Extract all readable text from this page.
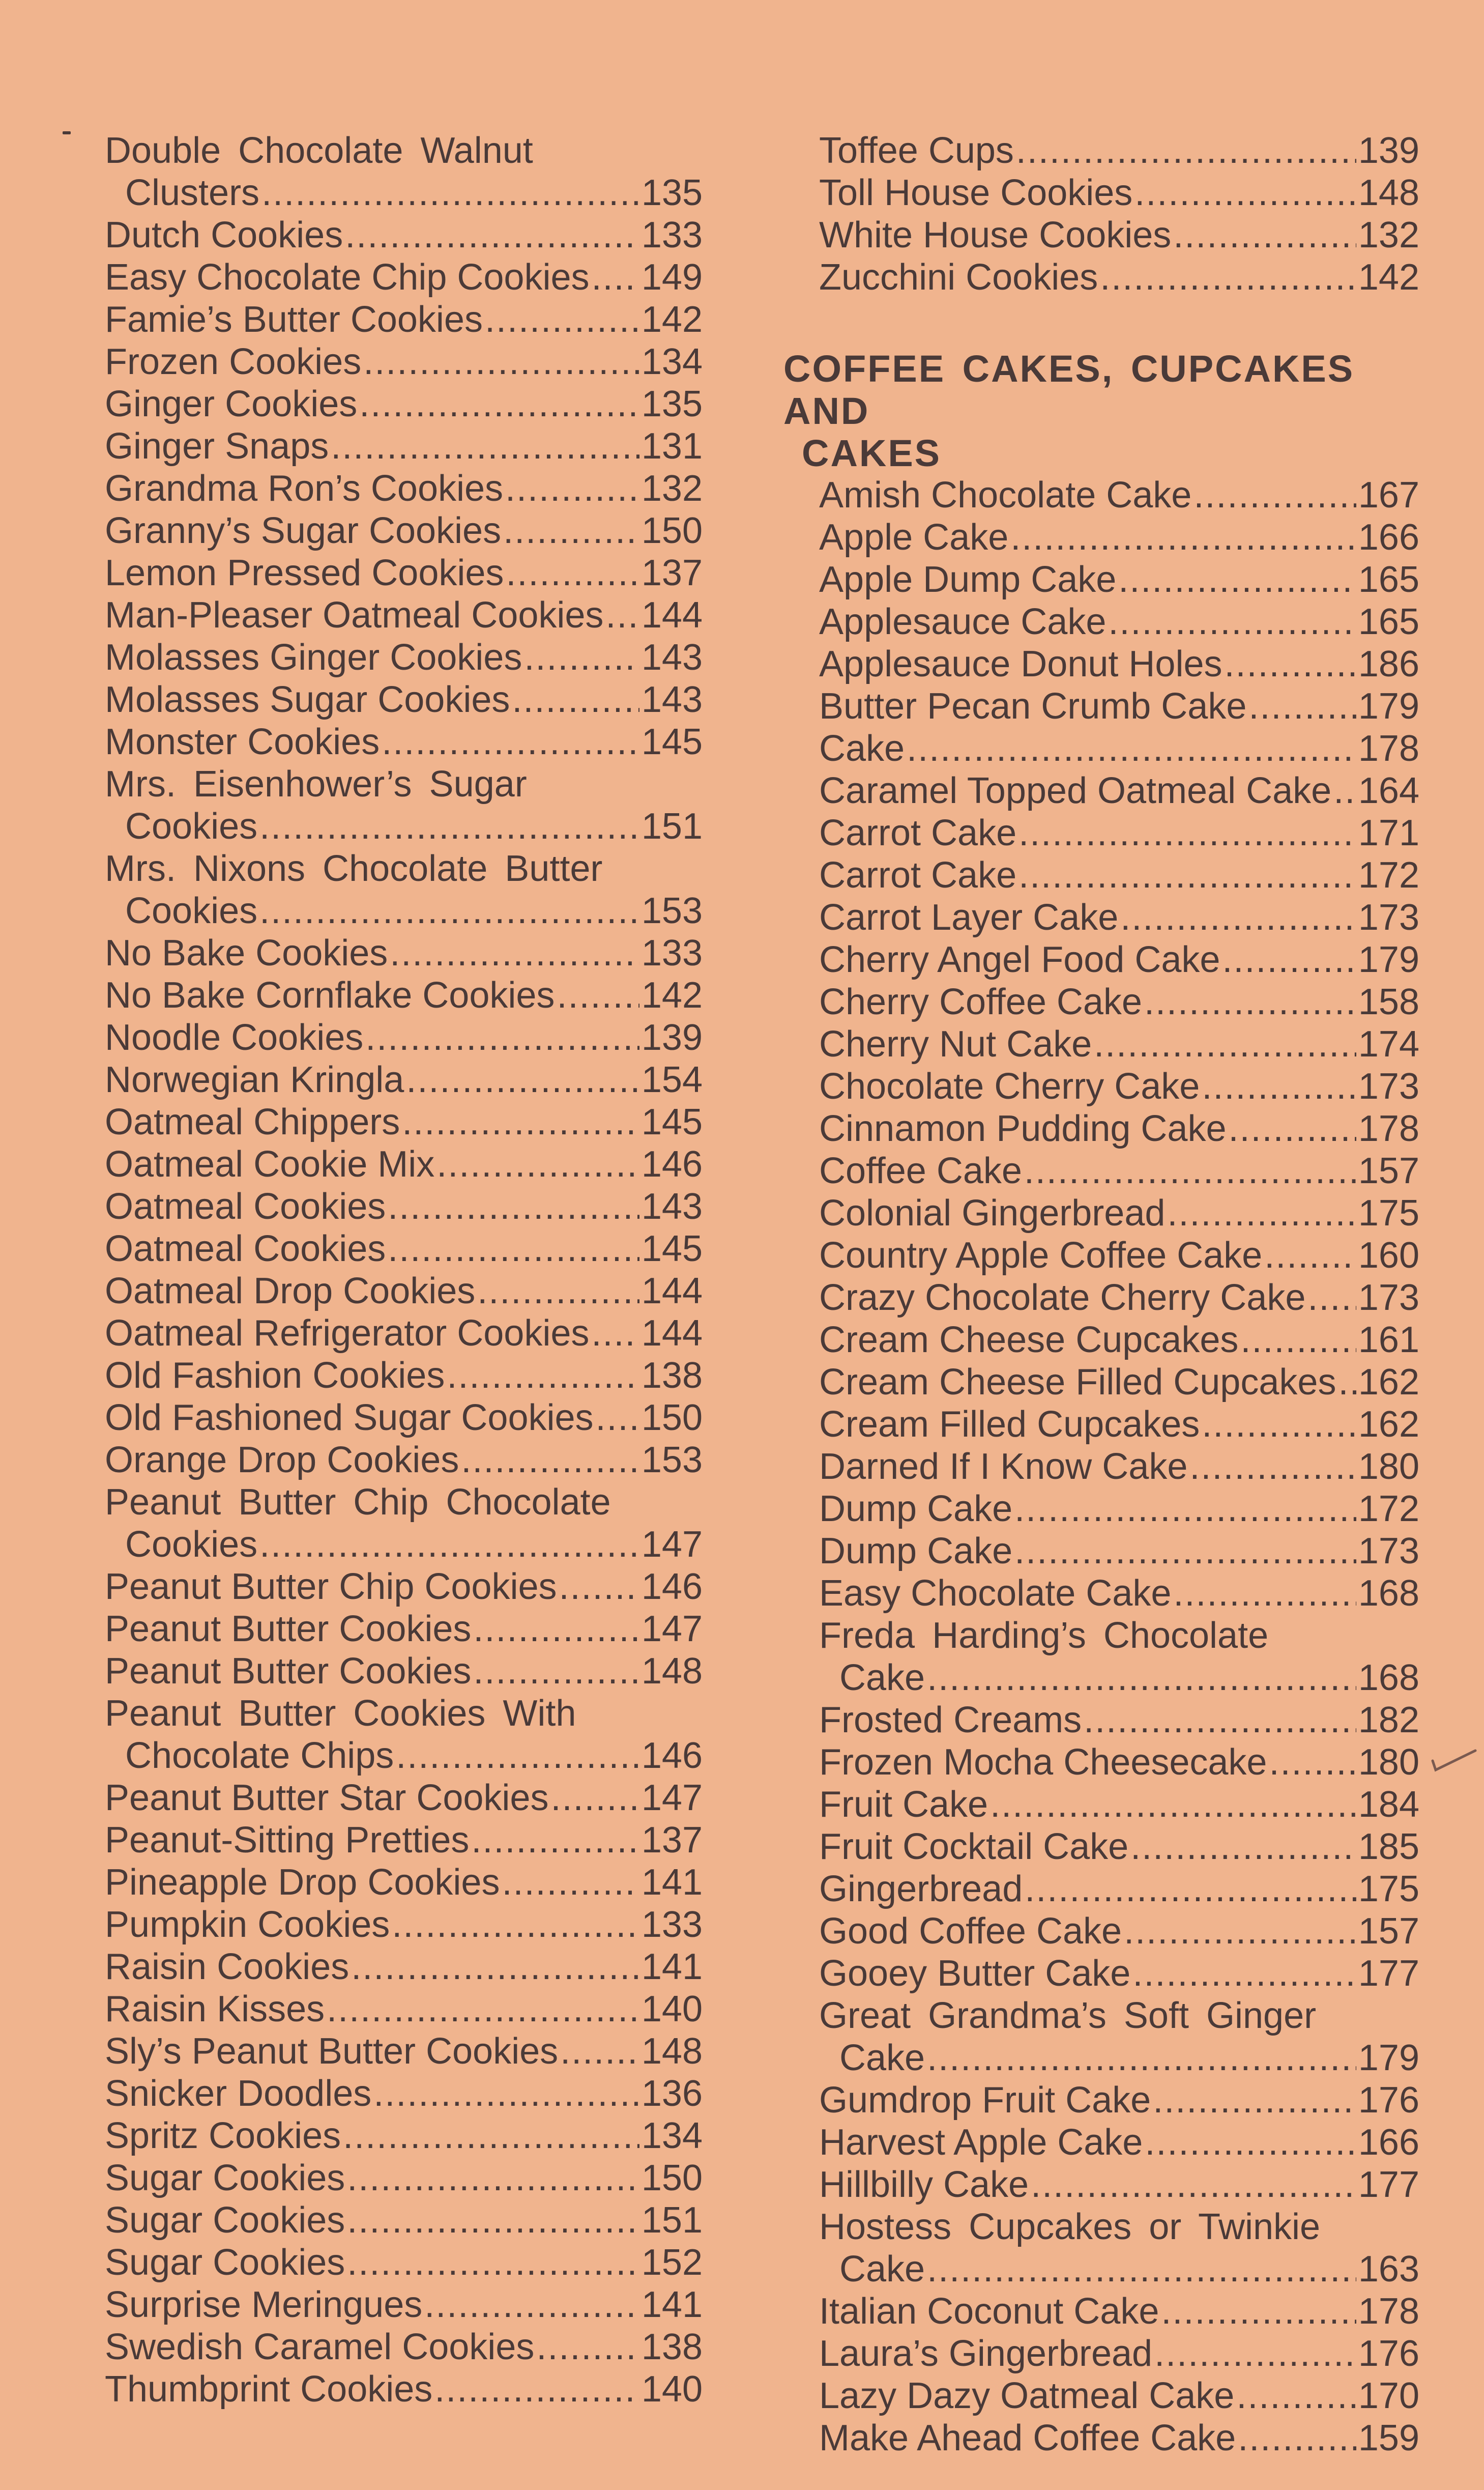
Double Chocolate Walnut
Clusters .....	135
Dutch Cookies .....	133
Easy Chocolate Chip Cookies ..... 149
Famie’s Butter Cookies .....	142
Frozen Cookies .....	134
Ginger Cookies .....	135
Ginger Snaps .....	131
Grandma Ron’s Cookies .....	132
Granny’s Sugar Cookies .....	150
Lemon Pressed Cookies .....	137
Man-Pleaser Oatmeal Cookies ..... 144
Molasses Ginger Cookies .....	143
Molasses Sugar Cookies .....	143
Monster Cookies .....	145
Mrs. Eisenhower’s Sugar
Cookies .....	151
Mrs. Nixons Chocolate Butter
Cookies .....	153
No Bake Cookies .....	133
No Bake Cornflake Cookies ..... 142
Noodle Cookies .....	139
Norwegian Kringla .....	154
Oatmeal Chippers .....	145
Oatmeal Cookie Mix .....	146
Oatmeal Cookies .....	143
Oatmeal Cookies .....	145
Oatmeal Drop Cookies .....	144
Oatmeal Refrigerator Cookies ..... 144
Old Fashion Cookies .....	138
Old Fashioned Sugar Cookies ..... 150
Orange Drop Cookies .....	153
Peanut Butter Chip Chocolate
Cookies .....	147
Peanut Butter Chip Cookies ..... 146
Peanut Butter Cookies .....	147
Peanut Butter Cookies .....	148
Peanut Butter Cookies With
Chocolate Chips .....	146
Peanut Butter Star Cookies .....	147
Peanut-Sitting Pretties .....	137
Pineapple Drop Cookies .....	141
Pumpkin Cookies .....	133
Raisin Cookies .....	141
Raisin Kisses .....	140
Sly’s Peanut Butter Cookies ..... 148
Snicker Doodles .....	136
Spritz Cookies .....	134
Sugar Cookies .....	150
Sugar Cookies .....	151
Sugar Cookies .....	152
Surprise Meringues .....	141
Swedish Caramel Cookies .....	138
Thumbprint Cookies .....	140
Toffee Cups .....	139
Toll House Cookies .....	148
White House Cookies .....	132
Zucchini Cookies .....	142
COFFEE CAKES, CUPCAKES AND
CAKES
Amish Chocolate Cake .....	167
Apple Cake .....	166
Apple Dump Cake .....	165
Applesauce Cake .....	165
Applesauce Donut Holes .....	186
Butter Pecan Crumb Cake .....	179
Cake .....	178
Caramel Topped Oatmeal Cake ..... 164
Carrot Cake .....	171
Carrot Cake .....	172
Carrot Layer Cake .....	173
Cherry Angel Food Cake .....	179
Cherry Coffee Cake .....	158
Cherry Nut Cake .....	174
Chocolate Cherry Cake .....	173
Cinnamon Pudding Cake .....	178
Coffee Cake .....	157
Colonial Gingerbread .....	175
Country Apple Coffee Cake .....	160
Crazy Chocolate Cherry Cake ..... 173
Cream Cheese Cupcakes .....	161
Cream Cheese Filled Cupcakes ..... 162
Cream Filled Cupcakes .....	162
Darned If I Know Cake .....	180
Dump Cake .....	172
Dump Cake .....	173
Easy Chocolate Cake .....	168
Freda Harding’s Chocolate
Cake .....	168
Frosted Creams .....	182
Frozen Mocha Cheesecake ..... 180
Fruit Cake .....	184
Fruit Cocktail Cake .....	185
Gingerbread .....	175
Good Coffee Cake .....	157
Gooey Butter Cake .....	177
Great Grandma’s Soft Ginger
Cake .....	179
Gumdrop Fruit Cake .....	176
Harvest Apple Cake .....	166
Hillbilly Cake .....	177
Hostess Cupcakes or Twinkie
Cake .....	163
Italian Coconut Cake .....	178
Laura’s Gingerbread .....	176
Lazy Dazy Oatmeal Cake .....	170
Make Ahead Coffee Cake .....	159
